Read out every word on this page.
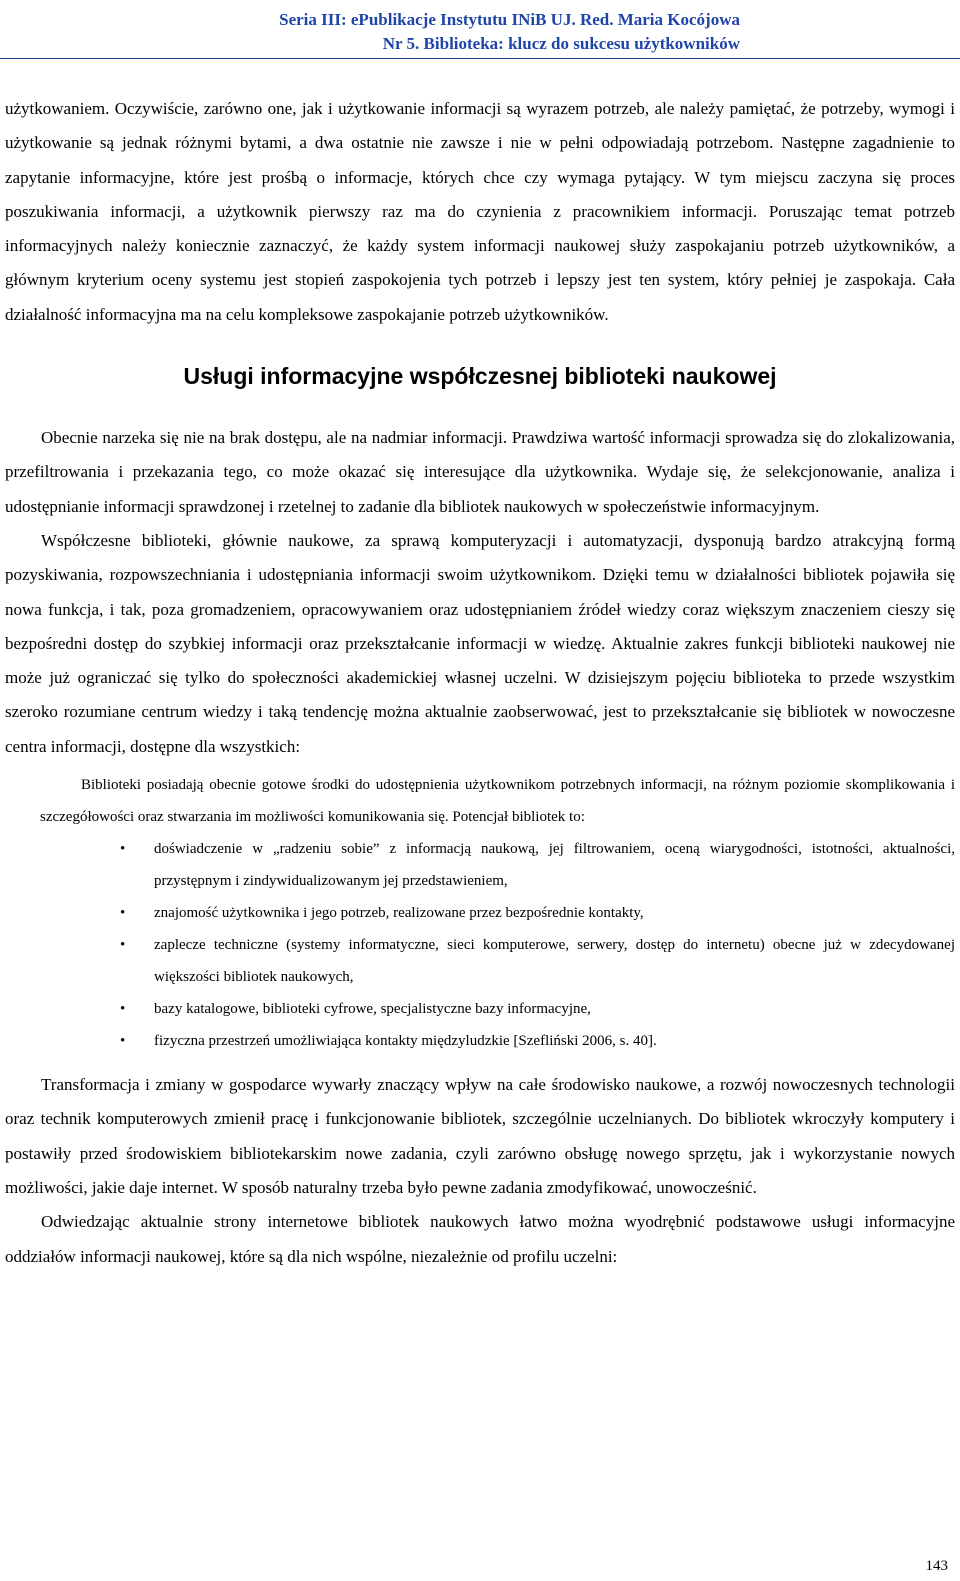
Seria III: ePublikacje Instytutu INiB UJ. Red. Maria Kocójowa
Nr 5. Biblioteka: klucz do sukcesu użytkowników

użytkowaniem. Oczywiście, zarówno one, jak i użytkowanie informacji są wyrazem potrzeb, ale należy pamiętać, że potrzeby, wymogi i użytkowanie są jednak różnymi bytami, a dwa ostatnie nie zawsze i nie w pełni odpowiadają potrzebom. Następne zagadnienie to zapytanie informacyjne, które jest prośbą o informacje, których chce czy wymaga pytający. W tym miejscu zaczyna się proces poszukiwania informacji, a użytkownik pierwszy raz ma do czynienia z pracownikiem informacji. Poruszając temat potrzeb informacyjnych należy koniecznie zaznaczyć, że każdy system informacji naukowej służy zaspokajaniu potrzeb użytkowników, a głównym kryterium oceny systemu jest stopień zaspokojenia tych potrzeb i lepszy jest ten system, który pełniej je zaspokaja. Cała działalność informacyjna ma na celu kompleksowe zaspokajanie potrzeb użytkowników.

Usługi informacyjne współczesnej biblioteki naukowej

Obecnie narzeka się nie na brak dostępu, ale na nadmiar informacji. Prawdziwa wartość informacji sprowadza się do zlokalizowania, przefiltrowania i przekazania tego, co może okazać się interesujące dla użytkownika. Wydaje się, że selekcjonowanie, analiza i udostępnianie informacji sprawdzonej i rzetelnej to zadanie dla bibliotek naukowych w społeczeństwie informacyjnym.

Współczesne biblioteki, głównie naukowe, za sprawą komputeryzacji i automatyzacji, dysponują bardzo atrakcyjną formą pozyskiwania, rozpowszechniania i udostępniania informacji swoim użytkownikom. Dzięki temu w działalności bibliotek pojawiła się nowa funkcja, i tak, poza gromadzeniem, opracowywaniem oraz udostępnianiem źródeł wiedzy coraz większym znaczeniem cieszy się bezpośredni dostęp do szybkiej informacji oraz przekształcanie informacji w wiedzę. Aktualnie zakres funkcji biblioteki naukowej nie może już ograniczać się tylko do społeczności akademickiej własnej uczelni. W dzisiejszym pojęciu biblioteka to przede wszystkim szeroko rozumiane centrum wiedzy i taką tendencję można aktualnie zaobserwować, jest to przekształcanie się bibliotek w nowoczesne centra informacji, dostępne dla wszystkich:

Biblioteki posiadają obecnie gotowe środki do udostępnienia użytkownikom potrzebnych informacji, na różnym poziomie skomplikowania i szczegółowości oraz stwarzania im możliwości komunikowania się. Potencjał bibliotek to:

• doświadczenie w „radzeniu sobie” z informacją naukową, jej filtrowaniem, oceną wiarygodności, istotności, aktualności, przystępnym i zindywidualizowanym jej przedstawieniem,
• znajomość użytkownika i jego potrzeb, realizowane przez bezpośrednie kontakty,
• zaplecze techniczne (systemy informatyczne, sieci komputerowe, serwery, dostęp do internetu) obecne już w zdecydowanej większości bibliotek naukowych,
• bazy katalogowe, biblioteki cyfrowe, specjalistyczne bazy informacyjne,
• fizyczna przestrzeń umożliwiająca kontakty międzyludzkie [Szefliński 2006, s. 40].

Transformacja i zmiany w gospodarce wywarły znaczący wpływ na całe środowisko naukowe, a rozwój nowoczesnych technologii oraz technik komputerowych zmienił pracę i funkcjonowanie bibliotek, szczególnie uczelnianych. Do bibliotek wkroczyły komputery i postawiły przed środowiskiem bibliotekarskim nowe zadania, czyli zarówno obsługę nowego sprzętu, jak i wykorzystanie nowych możliwości, jakie daje internet. W sposób naturalny trzeba było pewne zadania zmodyfikować, unowocześnić.

Odwiedzając aktualnie strony internetowe bibliotek naukowych łatwo można wyodrębnić podstawowe usługi informacyjne oddziałów informacji naukowej, które są dla nich wspólne, niezależnie od profilu uczelni:

143
